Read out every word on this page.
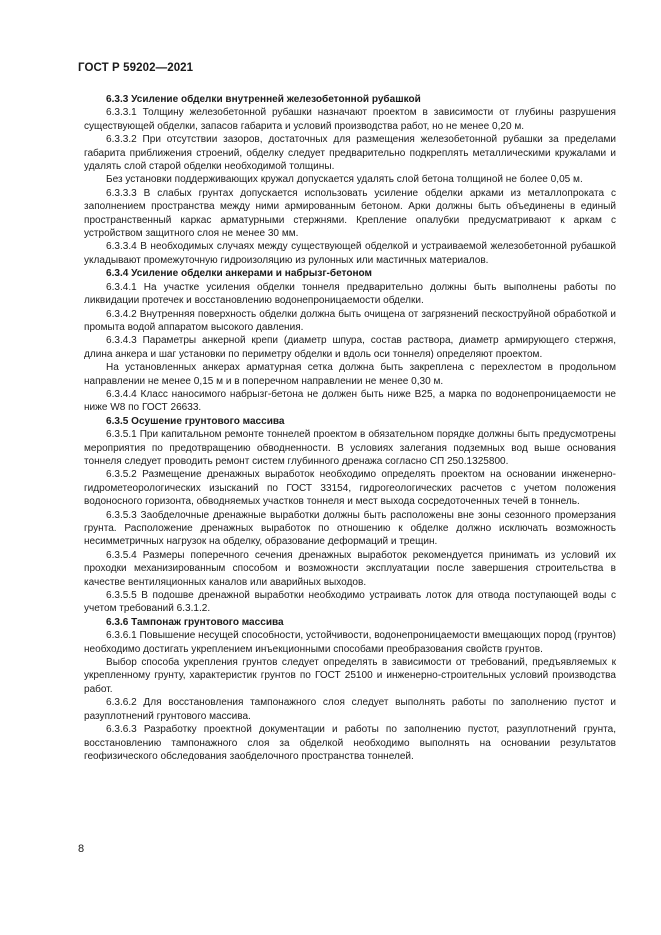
ГОСТ Р 59202—2021
6.3.3 Усиление обделки внутренней железобетонной рубашкой

6.3.3.1 Толщину железобетонной рубашки назначают проектом в зависимости от глубины разрушения существующей обделки, запасов габарита и условий производства работ, но не менее 0,20 м.

6.3.3.2 При отсутствии зазоров, достаточных для размещения железобетонной рубашки за пределами габарита приближения строений, обделку следует предварительно подкреплять металлическими кружалами и удалять слой старой обделки необходимой толщины.

Без установки поддерживающих кружал допускается удалять слой бетона толщиной не более 0,05 м.

6.3.3.3 В слабых грунтах допускается использовать усиление обделки арками из металлопроката с заполнением пространства между ними армированным бетоном. Арки должны быть объединены в единый пространственный каркас арматурными стержнями. Крепление опалубки предусматривают к аркам с устройством защитного слоя не менее 30 мм.

6.3.3.4 В необходимых случаях между существующей обделкой и устраиваемой железобетонной рубашкой укладывают промежуточную гидроизоляцию из рулонных или мастичных материалов.

6.3.4 Усиление обделки анкерами и набрызг-бетоном

6.3.4.1 На участке усиления обделки тоннеля предварительно должны быть выполнены работы по ликвидации протечек и восстановлению водонепроницаемости обделки.

6.3.4.2 Внутренняя поверхность обделки должна быть очищена от загрязнений пескоструйной обработкой и промыта водой аппаратом высокого давления.

6.3.4.3 Параметры анкерной крепи (диаметр шпура, состав раствора, диаметр армирующего стержня, длина анкера и шаг установки по периметру обделки и вдоль оси тоннеля) определяют проектом.

На установленных анкерах арматурная сетка должна быть закреплена с перехлестом в продольном направлении не менее 0,15 м и в поперечном направлении не менее 0,30 м.

6.3.4.4 Класс наносимого набрызг-бетона не должен быть ниже В25, а марка по водонепроницаемости не ниже W8 по ГОСТ 26633.

6.3.5 Осушение грунтового массива

6.3.5.1 При капитальном ремонте тоннелей проектом в обязательном порядке должны быть предусмотрены мероприятия по предотвращению обводненности. В условиях залегания подземных вод выше основания тоннеля следует проводить ремонт систем глубинного дренажа согласно СП 250.1325800.

6.3.5.2 Размещение дренажных выработок необходимо определять проектом на основании инженерно-гидрометеорологических изысканий по ГОСТ 33154, гидрогеологических расчетов с учетом положения водоносного горизонта, обводняемых участков тоннеля и мест выхода сосредоточенных течей в тоннель.

6.3.5.3 Заобделочные дренажные выработки должны быть расположены вне зоны сезонного промерзания грунта. Расположение дренажных выработок по отношению к обделке должно исключать возможность несимметричных нагрузок на обделку, образование деформаций и трещин.

6.3.5.4 Размеры поперечного сечения дренажных выработок рекомендуется принимать из условий их проходки механизированным способом и возможности эксплуатации после завершения строительства в качестве вентиляционных каналов или аварийных выходов.

6.3.5.5 В подошве дренажной выработки необходимо устраивать лоток для отвода поступающей воды с учетом требований 6.3.1.2.

6.3.6 Тампонаж грунтового массива

6.3.6.1 Повышение несущей способности, устойчивости, водонепроницаемости вмещающих пород (грунтов) необходимо достигать укреплением инъекционными способами преобразования свойств грунтов.

Выбор способа укрепления грунтов следует определять в зависимости от требований, предъявляемых к укрепленному грунту, характеристик грунтов по ГОСТ 25100 и инженерно-строительных условий производства работ.

6.3.6.2 Для восстановления тампонажного слоя следует выполнять работы по заполнению пустот и разуплотнений грунтового массива.

6.3.6.3 Разработку проектной документации и работы по заполнению пустот, разуплотнений грунта, восстановлению тампонажного слоя за обделкой необходимо выполнять на основании результатов геофизического обследования заобделочного пространства тоннелей.

8
